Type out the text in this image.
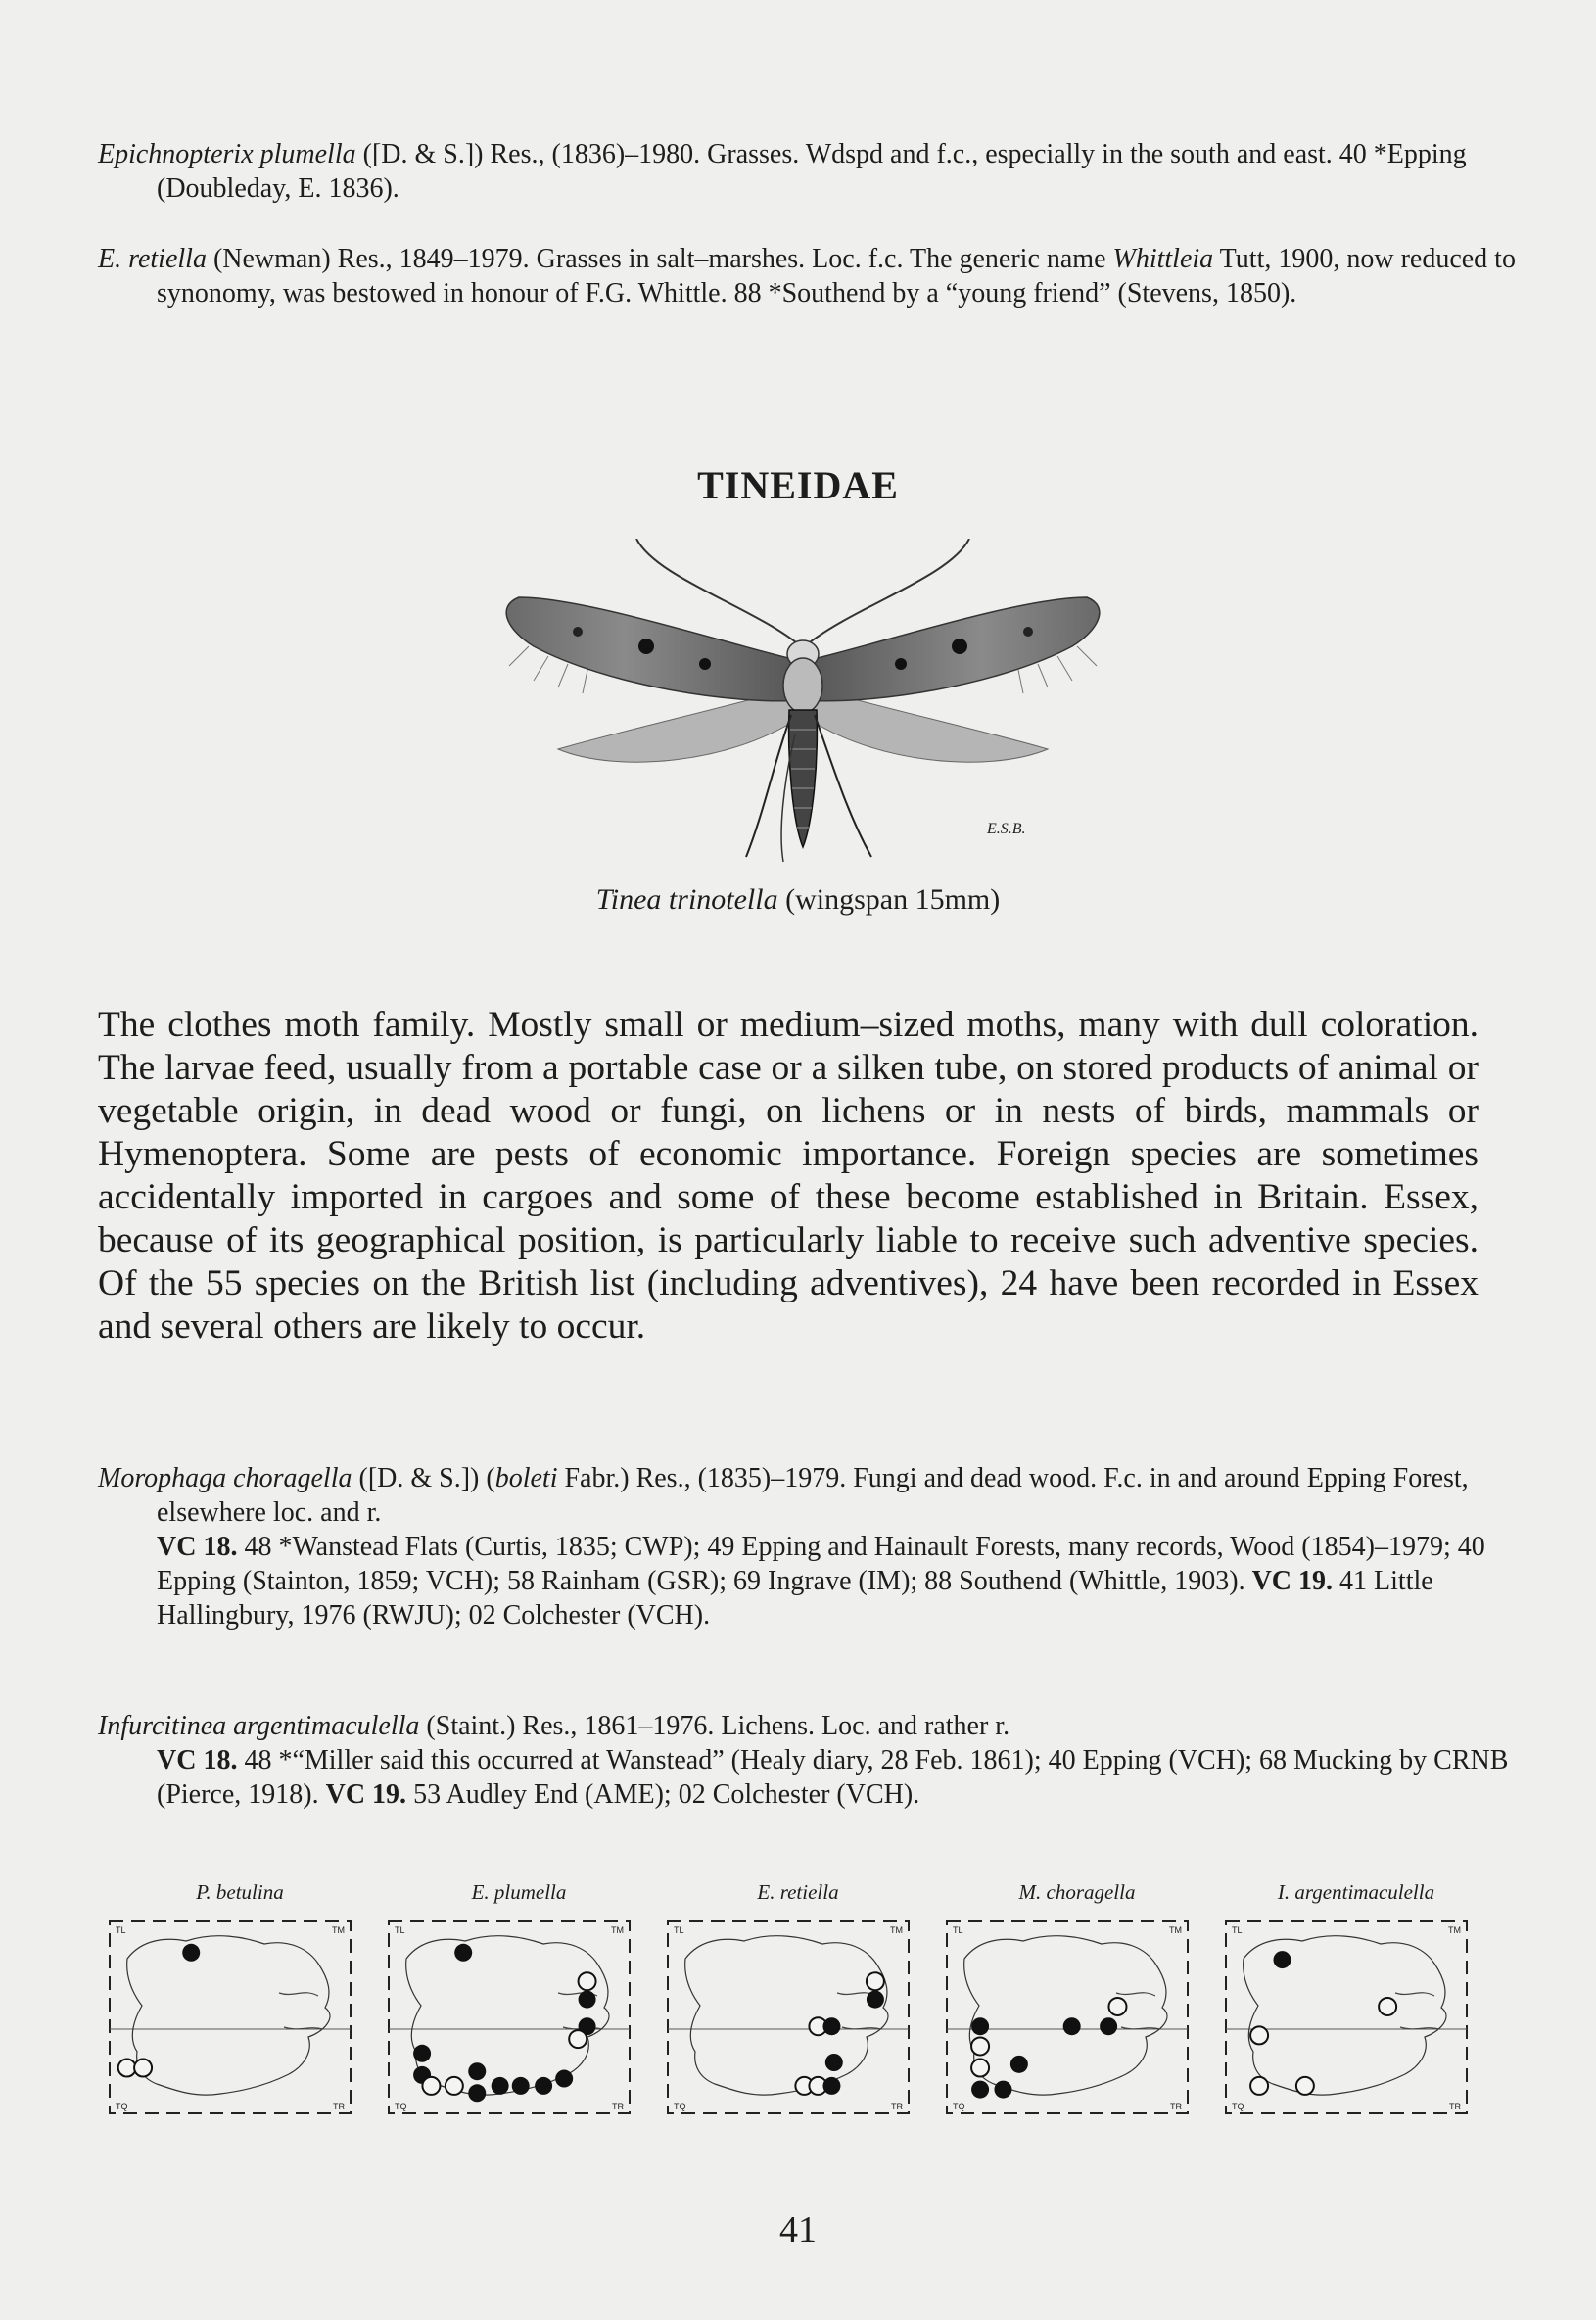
Epichnopterix plumella ([D. & S.]) Res., (1836)–1980. Grasses. Wdspd and f.c., especially in the south and east. 40 *Epping (Doubleday, E. 1836).

E. retiella (Newman) Res., 1849–1979. Grasses in salt–marshes. Loc. f.c. The generic name Whittleia Tutt, 1900, now reduced to synonomy, was bestowed in honour of F.G. Whittle. 88 *Southend by a “young friend” (Stevens, 1850).

TINEIDAE
E.S.B.
Tinea trinotella (wingspan 15mm)

The clothes moth family. Mostly small or medium–sized moths, many with dull coloration. The larvae feed, usually from a portable case or a silken tube, on stored products of animal or vegetable origin, in dead wood or fungi, on lichens or in nests of birds, mammals or Hymenoptera. Some are pests of economic importance. Foreign species are sometimes accidentally imported in cargoes and some of these become established in Britain. Essex, because of its geographical position, is particularly liable to receive such adventive species. Of the 55 species on the British list (including adventives), 24 have been recorded in Essex and several others are likely to occur.

Morophaga choragella ([D. & S.]) (boleti Fabr.) Res., (1835)–1979. Fungi and dead wood. F.c. in and around Epping Forest, elsewhere loc. and r.
VC 18. 48 *Wanstead Flats (Curtis, 1835; CWP); 49 Epping and Hainault Forests, many records, Wood (1854)–1979; 40 Epping (Stainton, 1859; VCH); 58 Rainham (GSR); 69 Ingrave (IM); 88 Southend (Whittle, 1903). VC 19. 41 Little Hallingbury, 1976 (RWJU); 02 Colchester (VCH).

Infurcitinea argentimaculella (Staint.) Res., 1861–1976. Lichens. Loc. and rather r.
VC 18. 48 *“Miller said this occurred at Wanstead” (Healy diary, 28 Feb. 1861); 40 Epping (VCH); 68 Mucking by CRNB (Pierce, 1918). VC 19. 53 Audley End (AME); 02 Colchester (VCH).

P. betulina
TL	TM
TQ	TR
E. plumella
TL	TM
TQ	TR
E. retiella
TL	TM
TQ	TR
M. choragella
TL	TM
TQ	TR
I. argentimaculella
TL	TM
TQ	TR
41
